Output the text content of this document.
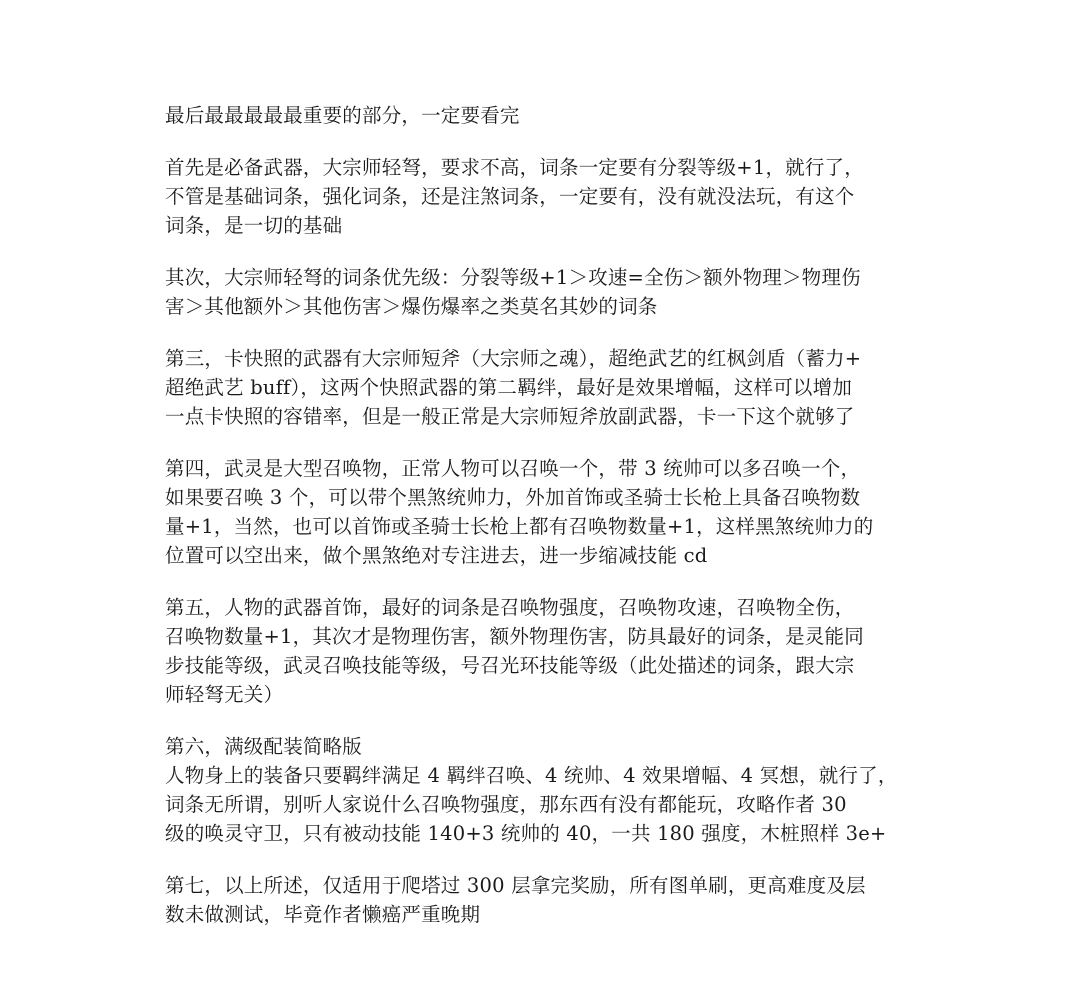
最后最最最最最重要的部分，一定要看完

首先是必备武器，大宗师轻弩，要求不高，词条一定要有分裂等级+1，就行了，
不管是基础词条，强化词条，还是注煞词条，一定要有，没有就没法玩，有这个
词条，是一切的基础

其次，大宗师轻弩的词条优先级：分裂等级+1＞攻速=全伤＞额外物理＞物理伤
害＞其他额外＞其他伤害＞爆伤爆率之类莫名其妙的词条

第三，卡快照的武器有大宗师短斧（大宗师之魂），超绝武艺的红枫剑盾（蓄力+
超绝武艺 buff），这两个快照武器的第二羁绊，最好是效果增幅，这样可以增加
一点卡快照的容错率，但是一般正常是大宗师短斧放副武器，卡一下这个就够了

第四，武灵是大型召唤物，正常人物可以召唤一个，带 3 统帅可以多召唤一个，
如果要召唤 3 个，可以带个黑煞统帅力，外加首饰或圣骑士长枪上具备召唤物数
量+1，当然，也可以首饰或圣骑士长枪上都有召唤物数量+1，这样黑煞统帅力的
位置可以空出来，做个黑煞绝对专注进去，进一步缩减技能 cd

第五，人物的武器首饰，最好的词条是召唤物强度，召唤物攻速，召唤物全伤，
召唤物数量+1，其次才是物理伤害，额外物理伤害，防具最好的词条，是灵能同
步技能等级，武灵召唤技能等级，号召光环技能等级（此处描述的词条，跟大宗
师轻弩无关）

第六，满级配装简略版
人物身上的装备只要羁绊满足 4 羁绊召唤、4 统帅、4 效果增幅、4 冥想，就行了，
词条无所谓，别听人家说什么召唤物强度，那东西有没有都能玩，攻略作者 30
级的唤灵守卫，只有被动技能 140+3 统帅的 40，一共 180 强度，木桩照样 3e+

第七，以上所述，仅适用于爬塔过 300 层拿完奖励，所有图单刷，更高难度及层
数未做测试，毕竟作者懒癌严重晚期
